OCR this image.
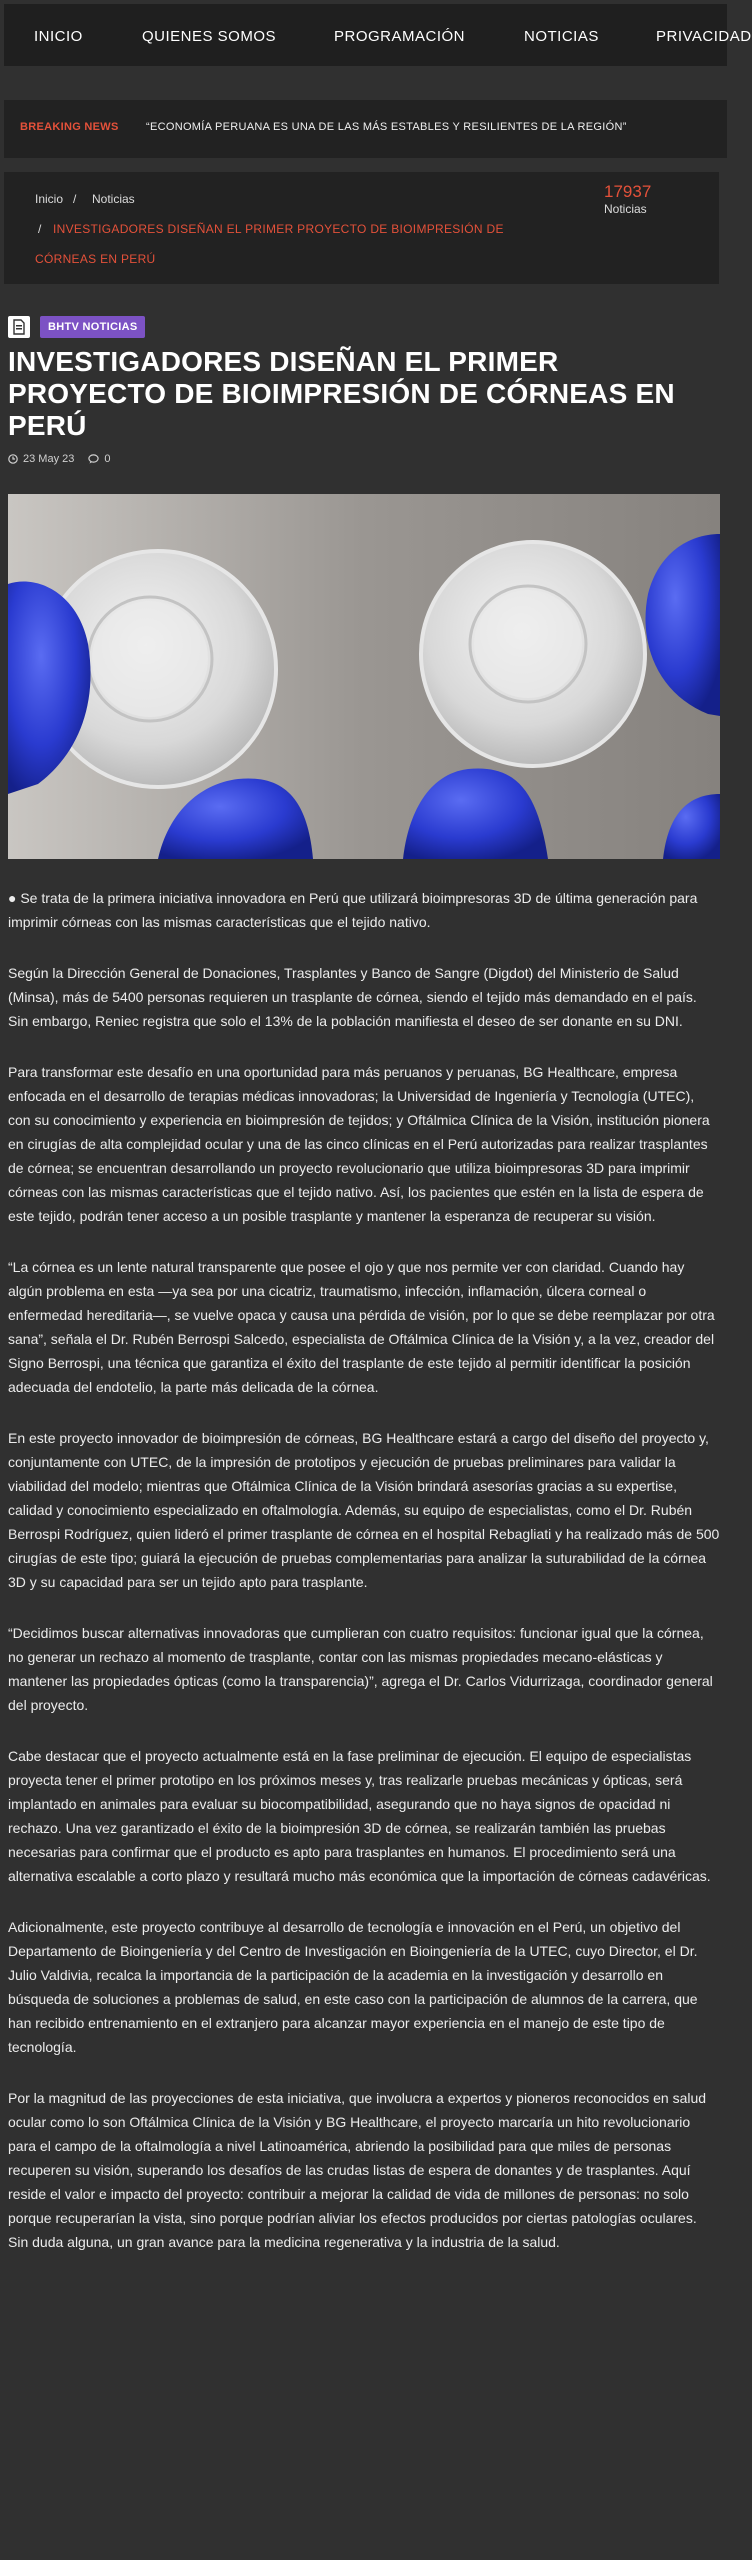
INICIO	QUIENES SOMOS	PROGRAMACIÓN	NOTICIAS	PRIVACIDAD
BREAKING NEWS “ECONOMÍA PERUANA ES UNA DE LAS MÁS ESTABLES Y RESILIENTES DE LA REGIÓN”
Inicio / Noticias
/ INVESTIGADORES DISEÑAN EL PRIMER PROYECTO DE BIOIMPRESIÓN DE
CÓRNEAS EN PERÚ
17937
Noticias
BHTV NOTICIAS
INVESTIGADORES DISEÑAN EL PRIMER PROYECTO DE BIOIMPRESIÓN DE CÓRNEAS EN PERÚ
23 May 23	0

● Se trata de la primera iniciativa innovadora en Perú que utilizará bioimpresoras 3D de última generación para imprimir córneas con las mismas características que el tejido nativo.

Según la Dirección General de Donaciones, Trasplantes y Banco de Sangre (Digdot) del Ministerio de Salud (Minsa), más de 5400 personas requieren un trasplante de córnea, siendo el tejido más demandado en el país. Sin embargo, Reniec registra que solo el 13% de la población manifiesta el deseo de ser donante en su DNI.

Para transformar este desafío en una oportunidad para más peruanos y peruanas, BG Healthcare, empresa enfocada en el desarrollo de terapias médicas innovadoras; la Universidad de Ingeniería y Tecnología (UTEC), con su conocimiento y experiencia en bioimpresión de tejidos; y Oftálmica Clínica de la Visión, institución pionera en cirugías de alta complejidad ocular y una de las cinco clínicas en el Perú autorizadas para realizar trasplantes de córnea; se encuentran desarrollando un proyecto revolucionario que utiliza bioimpresoras 3D para imprimir córneas con las mismas características que el tejido nativo. Así, los pacientes que estén en la lista de espera de este tejido, podrán tener acceso a un posible trasplante y mantener la esperanza de recuperar su visión.

“La córnea es un lente natural transparente que posee el ojo y que nos permite ver con claridad. Cuando hay algún problema en esta —ya sea por una cicatriz, traumatismo, infección, inflamación, úlcera corneal o enfermedad hereditaria—, se vuelve opaca y causa una pérdida de visión, por lo que se debe reemplazar por otra sana”, señala el Dr. Rubén Berrospi Salcedo, especialista de Oftálmica Clínica de la Visión y, a la vez, creador del Signo Berrospi, una técnica que garantiza el éxito del trasplante de este tejido al permitir identificar la posición adecuada del endotelio, la parte más delicada de la córnea.

En este proyecto innovador de bioimpresión de córneas, BG Healthcare estará a cargo del diseño del proyecto y, conjuntamente con UTEC, de la impresión de prototipos y ejecución de pruebas preliminares para validar la viabilidad del modelo; mientras que Oftálmica Clínica de la Visión brindará asesorías gracias a su expertise, calidad y conocimiento especializado en oftalmología. Además, su equipo de especialistas, como el Dr. Rubén Berrospi Rodríguez, quien lideró el primer trasplante de córnea en el hospital Rebagliati y ha realizado más de 500 cirugías de este tipo; guiará la ejecución de pruebas complementarias para analizar la suturabilidad de la córnea 3D y su capacidad para ser un tejido apto para trasplante.

“Decidimos buscar alternativas innovadoras que cumplieran con cuatro requisitos: funcionar igual que la córnea, no generar un rechazo al momento de trasplante, contar con las mismas propiedades mecano-elásticas y mantener las propiedades ópticas (como la transparencia)”, agrega el Dr. Carlos Vidurrizaga, coordinador general del proyecto.

Cabe destacar que el proyecto actualmente está en la fase preliminar de ejecución. El equipo de especialistas proyecta tener el primer prototipo en los próximos meses y, tras realizarle pruebas mecánicas y ópticas, será implantado en animales para evaluar su biocompatibilidad, asegurando que no haya signos de opacidad ni rechazo. Una vez garantizado el éxito de la bioimpresión 3D de córnea, se realizarán también las pruebas necesarias para confirmar que el producto es apto para trasplantes en humanos. El procedimiento será una alternativa escalable a corto plazo y resultará mucho más económica que la importación de córneas cadavéricas.

Adicionalmente, este proyecto contribuye al desarrollo de tecnología e innovación en el Perú, un objetivo del Departamento de Bioingeniería y del Centro de Investigación en Bioingeniería de la UTEC, cuyo Director, el Dr. Julio Valdivia, recalca la importancia de la participación de la academia en la investigación y desarrollo en búsqueda de soluciones a problemas de salud, en este caso con la participación de alumnos de la carrera, que han recibido entrenamiento en el extranjero para alcanzar mayor experiencia en el manejo de este tipo de tecnología.

Por la magnitud de las proyecciones de esta iniciativa, que involucra a expertos y pioneros reconocidos en salud ocular como lo son Oftálmica Clínica de la Visión y BG Healthcare, el proyecto marcaría un hito revolucionario para el campo de la oftalmología a nivel Latinoamérica, abriendo la posibilidad para que miles de personas recuperen su visión, superando los desafíos de las crudas listas de espera de donantes y de trasplantes. Aquí reside el valor e impacto del proyecto: contribuir a mejorar la calidad de vida de millones de personas: no solo porque recuperarían la vista, sino porque podrían aliviar los efectos producidos por ciertas patologías oculares. Sin duda alguna, un gran avance para la medicina regenerativa y la industria de la salud.
